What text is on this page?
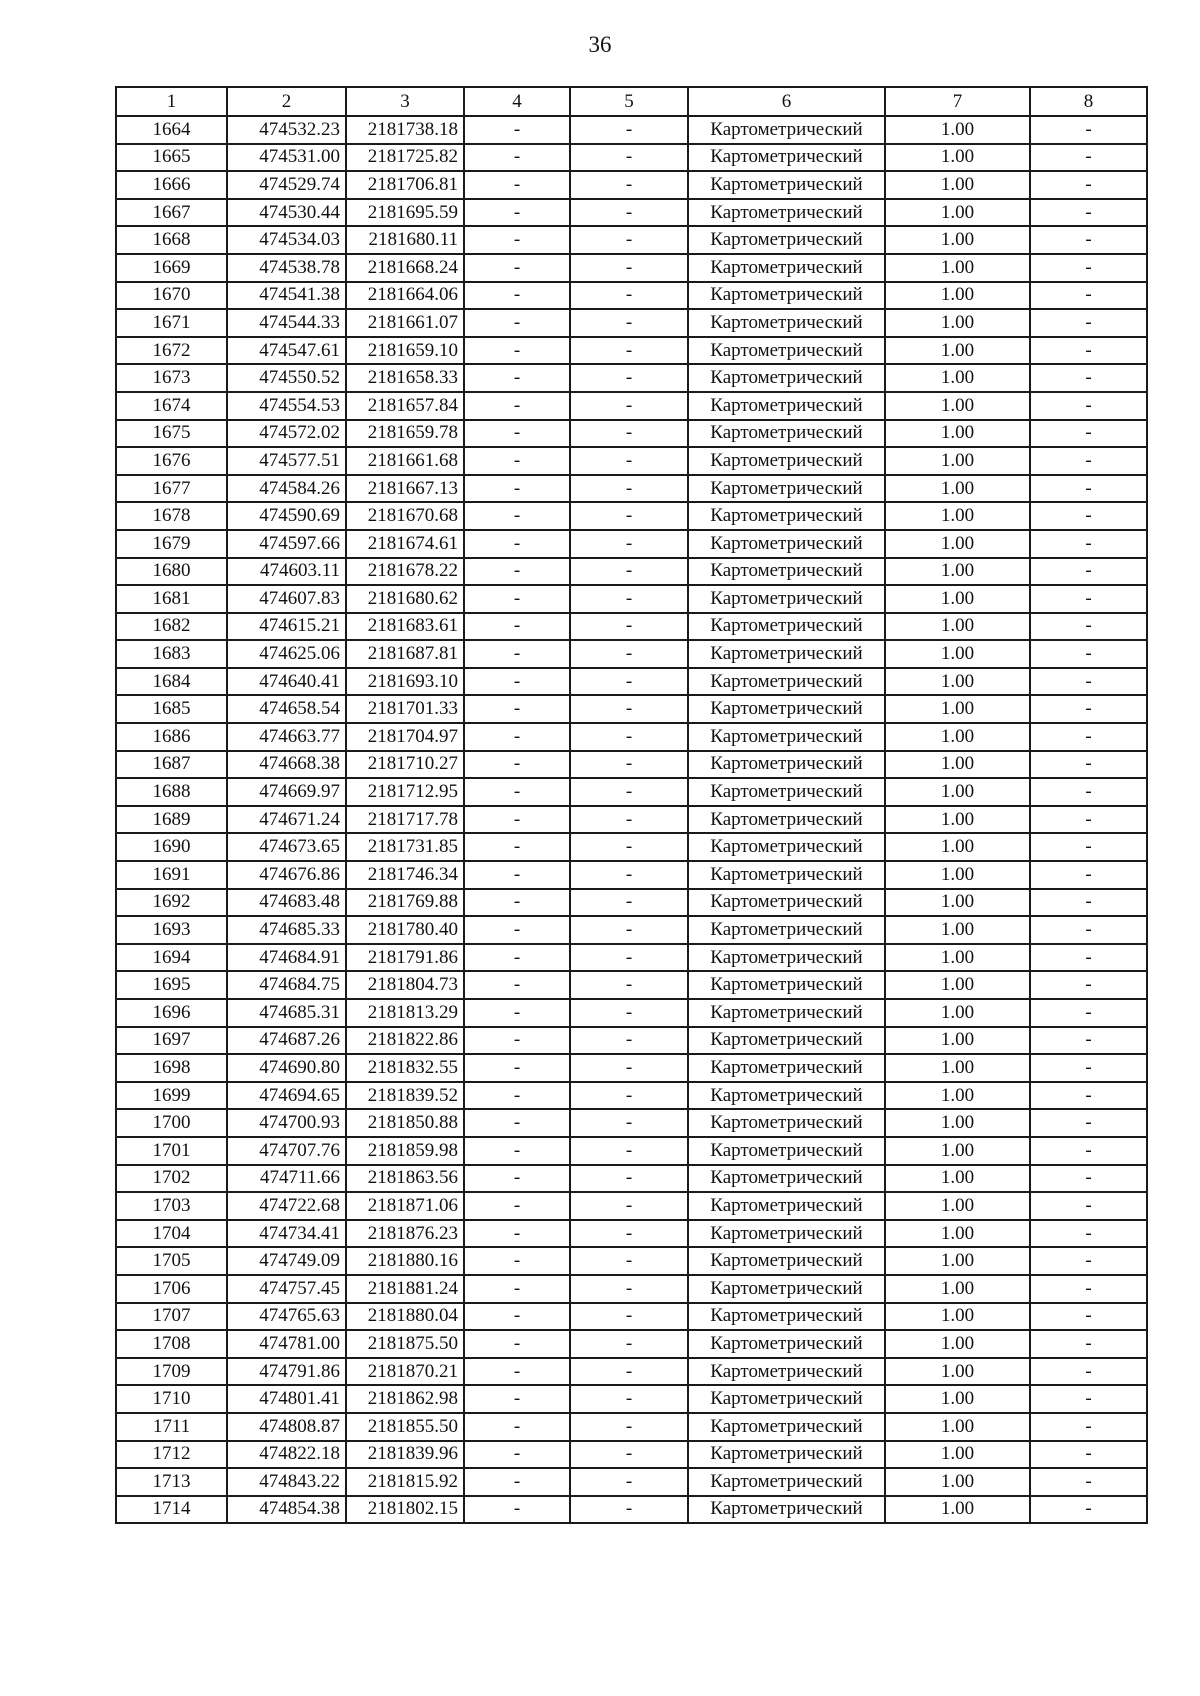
36
1	2	3	4	5	6	7	8
1664	474532.23	2181738.18	-	-	Картометрический	1.00	-
1665	474531.00	2181725.82	-	-	Картометрический	1.00	-
1666	474529.74	2181706.81	-	-	Картометрический	1.00	-
1667	474530.44	2181695.59	-	-	Картометрический	1.00	-
1668	474534.03	2181680.11	-	-	Картометрический	1.00	-
1669	474538.78	2181668.24	-	-	Картометрический	1.00	-
1670	474541.38	2181664.06	-	-	Картометрический	1.00	-
1671	474544.33	2181661.07	-	-	Картометрический	1.00	-
1672	474547.61	2181659.10	-	-	Картометрический	1.00	-
1673	474550.52	2181658.33	-	-	Картометрический	1.00	-
1674	474554.53	2181657.84	-	-	Картометрический	1.00	-
1675	474572.02	2181659.78	-	-	Картометрический	1.00	-
1676	474577.51	2181661.68	-	-	Картометрический	1.00	-
1677	474584.26	2181667.13	-	-	Картометрический	1.00	-
1678	474590.69	2181670.68	-	-	Картометрический	1.00	-
1679	474597.66	2181674.61	-	-	Картометрический	1.00	-
1680	474603.11	2181678.22	-	-	Картометрический	1.00	-
1681	474607.83	2181680.62	-	-	Картометрический	1.00	-
1682	474615.21	2181683.61	-	-	Картометрический	1.00	-
1683	474625.06	2181687.81	-	-	Картометрический	1.00	-
1684	474640.41	2181693.10	-	-	Картометрический	1.00	-
1685	474658.54	2181701.33	-	-	Картометрический	1.00	-
1686	474663.77	2181704.97	-	-	Картометрический	1.00	-
1687	474668.38	2181710.27	-	-	Картометрический	1.00	-
1688	474669.97	2181712.95	-	-	Картометрический	1.00	-
1689	474671.24	2181717.78	-	-	Картометрический	1.00	-
1690	474673.65	2181731.85	-	-	Картометрический	1.00	-
1691	474676.86	2181746.34	-	-	Картометрический	1.00	-
1692	474683.48	2181769.88	-	-	Картометрический	1.00	-
1693	474685.33	2181780.40	-	-	Картометрический	1.00	-
1694	474684.91	2181791.86	-	-	Картометрический	1.00	-
1695	474684.75	2181804.73	-	-	Картометрический	1.00	-
1696	474685.31	2181813.29	-	-	Картометрический	1.00	-
1697	474687.26	2181822.86	-	-	Картометрический	1.00	-
1698	474690.80	2181832.55	-	-	Картометрический	1.00	-
1699	474694.65	2181839.52	-	-	Картометрический	1.00	-
1700	474700.93	2181850.88	-	-	Картометрический	1.00	-
1701	474707.76	2181859.98	-	-	Картометрический	1.00	-
1702	474711.66	2181863.56	-	-	Картометрический	1.00	-
1703	474722.68	2181871.06	-	-	Картометрический	1.00	-
1704	474734.41	2181876.23	-	-	Картометрический	1.00	-
1705	474749.09	2181880.16	-	-	Картометрический	1.00	-
1706	474757.45	2181881.24	-	-	Картометрический	1.00	-
1707	474765.63	2181880.04	-	-	Картометрический	1.00	-
1708	474781.00	2181875.50	-	-	Картометрический	1.00	-
1709	474791.86	2181870.21	-	-	Картометрический	1.00	-
1710	474801.41	2181862.98	-	-	Картометрический	1.00	-
1711	474808.87	2181855.50	-	-	Картометрический	1.00	-
1712	474822.18	2181839.96	-	-	Картометрический	1.00	-
1713	474843.22	2181815.92	-	-	Картометрический	1.00	-
1714	474854.38	2181802.15	-	-	Картометрический	1.00	-
